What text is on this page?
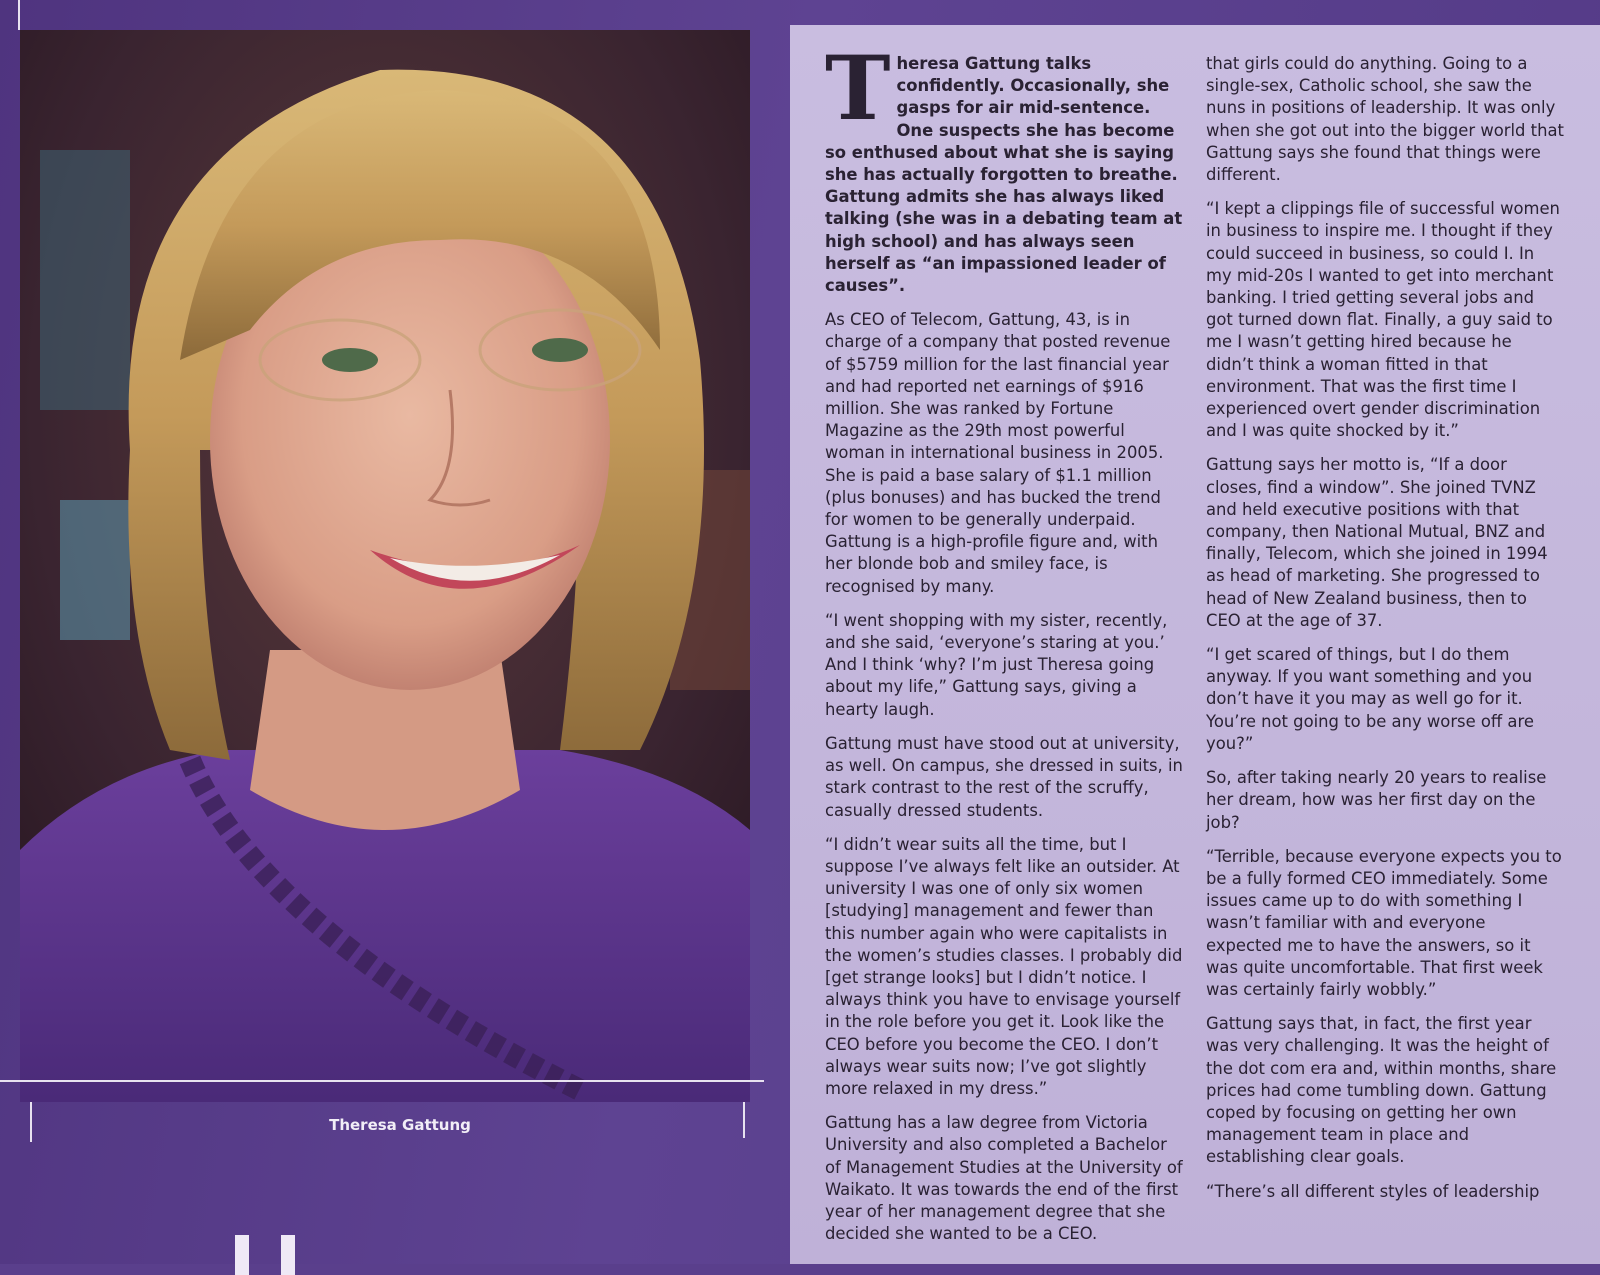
Theresa Gattung

Theresa Gattung talks confidently. Occasionally, she gasps for air mid-sentence. One suspects she has become so enthused about what she is saying she has actually forgotten to breathe. Gattung admits she has always liked talking (she was in a debating team at high school) and has always seen herself as “an impassioned leader of causes”.

As CEO of Telecom, Gattung, 43, is in charge of a company that posted revenue of $5759 million for the last financial year and had reported net earnings of $916 million. She was ranked by Fortune Magazine as the 29th most powerful woman in international business in 2005. She is paid a base salary of $1.1 million (plus bonuses) and has bucked the trend for women to be generally underpaid. Gattung is a high-profile figure and, with her blonde bob and smiley face, is recognised by many.

“I went shopping with my sister, recently, and she said, ‘everyone’s staring at you.’ And I think ‘why? I’m just Theresa going about my life,” Gattung says, giving a hearty laugh.

Gattung must have stood out at university, as well. On campus, she dressed in suits, in stark contrast to the rest of the scruffy, casually dressed students.

“I didn’t wear suits all the time, but I suppose I’ve always felt like an outsider. At university I was one of only six women [studying] management and fewer than this number again who were capitalists in the women’s studies classes. I probably did [get strange looks] but I didn’t notice. I always think you have to envisage yourself in the role before you get it. Look like the CEO before you become the CEO. I don’t always wear suits now; I’ve got slightly more relaxed in my dress.”

Gattung has a law degree from Victoria University and also completed a Bachelor of Management Studies at the University of Waikato. It was towards the end of the first year of her management degree that she decided she wanted to be a CEO.

that girls could do anything. Going to a single-sex, Catholic school, she saw the nuns in positions of leadership. It was only when she got out into the bigger world that Gattung says she found that things were different.

“I kept a clippings file of successful women in business to inspire me. I thought if they could succeed in business, so could I. In my mid-20s I wanted to get into merchant banking. I tried getting several jobs and got turned down flat. Finally, a guy said to me I wasn’t getting hired because he didn’t think a woman fitted in that environment. That was the first time I experienced overt gender discrimination and I was quite shocked by it.”

Gattung says her motto is, “If a door closes, find a window”. She joined TVNZ and held executive positions with that company, then National Mutual, BNZ and finally, Telecom, which she joined in 1994 as head of marketing. She progressed to head of New Zealand business, then to CEO at the age of 37.

“I get scared of things, but I do them anyway. If you want something and you don’t have it you may as well go for it. You’re not going to be any worse off are you?”

So, after taking nearly 20 years to realise her dream, how was her first day on the job?

“Terrible, because everyone expects you to be a fully formed CEO immediately. Some issues came up to do with something I wasn’t familiar with and everyone expected me to have the answers, so it was quite uncomfortable. That first week was certainly fairly wobbly.”

Gattung says that, in fact, the first year was very challenging. It was the height of the dot com era and, within months, share prices had come tumbling down. Gattung coped by focusing on getting her own management team in place and establishing clear goals.

“There’s all different styles of leadership
